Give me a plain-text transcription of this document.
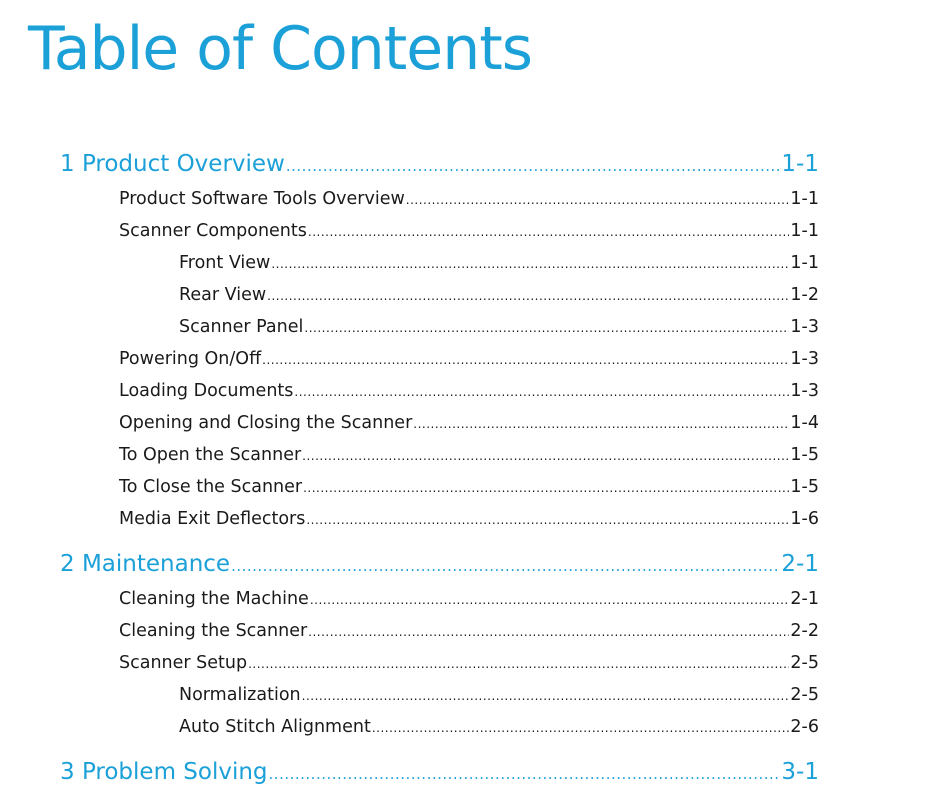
Table of Contents
1 Product Overview .....	1-1
Product Software Tools Overview .....	1-1
Scanner Components .....	1-1
Front View .....	1-1
Rear View .....	1-2
Scanner Panel .....	1-3
Powering On/Off .....	1-3
Loading Documents .....	1-3
Opening and Closing the Scanner .....	1-4
To Open the Scanner .....	1-5
To Close the Scanner .....	1-5
Media Exit Deflectors .....	1-6
2 Maintenance .....	2-1
Cleaning the Machine .....	2-1
Cleaning the Scanner .....	2-2
Scanner Setup .....	2-5
Normalization .....	2-5
Auto Stitch Alignment .....	2-6
3 Problem Solving .....	3-1
